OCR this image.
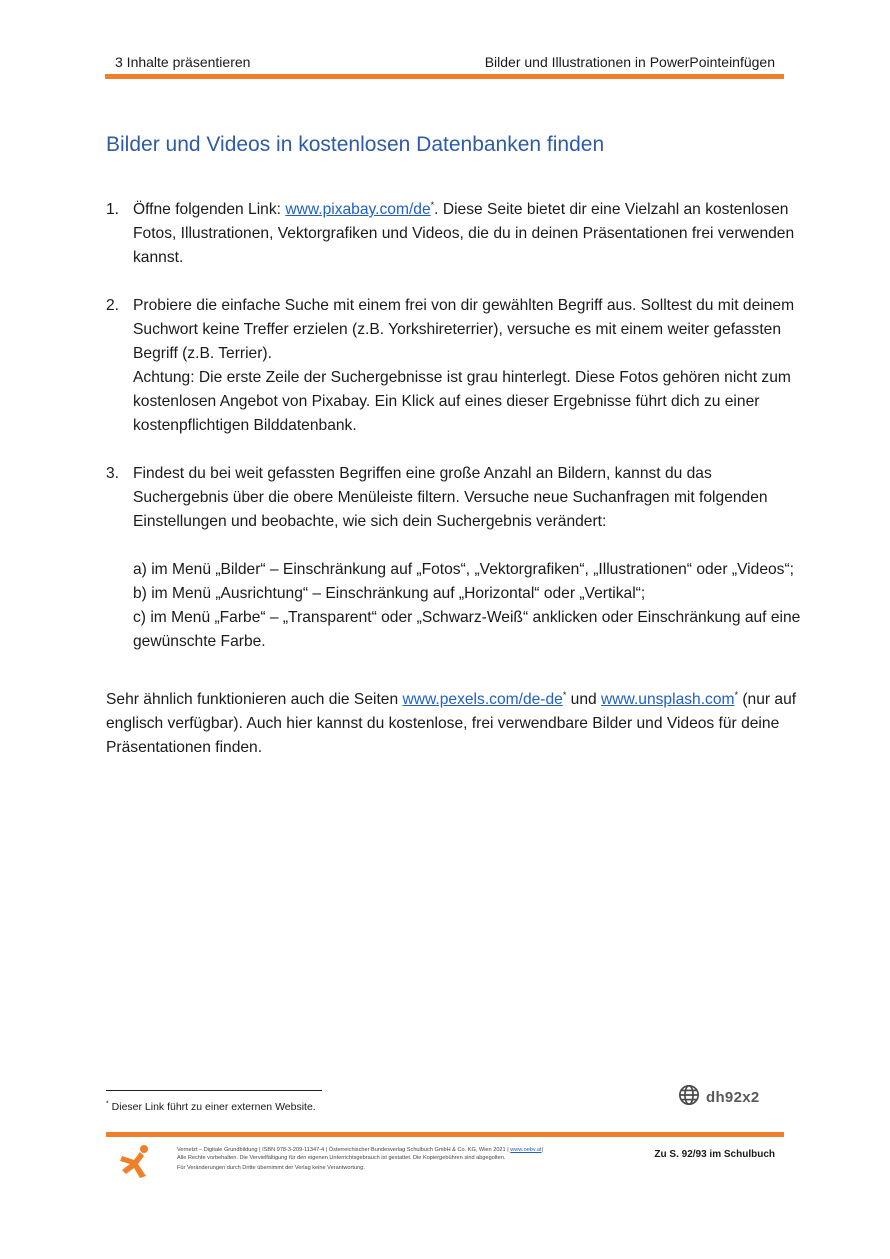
3 Inhalte präsentieren	Bilder und Illustrationen in PowerPointeinfügen
Bilder und Videos in kostenlosen Datenbanken finden
1. Öffne folgenden Link: www.pixabay.com/de*. Diese Seite bietet dir eine Vielzahl an kostenlosen Fotos, Illustrationen, Vektorgrafiken und Videos, die du in deinen Präsentationen frei verwenden kannst.
2. Probiere die einfache Suche mit einem frei von dir gewählten Begriff aus. Solltest du mit deinem Suchwort keine Treffer erzielen (z.B. Yorkshireterrier), versuche es mit einem weiter gefassten Begriff (z.B. Terrier).
Achtung: Die erste Zeile der Suchergebnisse ist grau hinterlegt. Diese Fotos gehören nicht zum kostenlosen Angebot von Pixabay. Ein Klick auf eines dieser Ergebnisse führt dich zu einer kostenpflichtigen Bilddatenbank.
3. Findest du bei weit gefassten Begriffen eine große Anzahl an Bildern, kannst du das Suchergebnis über die obere Menüleiste filtern. Versuche neue Suchanfragen mit folgenden Einstellungen und beobachte, wie sich dein Suchergebnis verändert:
a) im Menü „Bilder“ – Einschränkung auf „Fotos“, „Vektorgrafiken“, „Illustrationen“ oder „Videos“;
b) im Menü „Ausrichtung“ – Einschränkung auf „Horizontal“ oder „Vertikal“;
c) im Menü „Farbe“ – „Transparent“ oder „Schwarz-Weiß“ anklicken oder Einschränkung auf eine gewünschte Farbe.

Sehr ähnlich funktionieren auch die Seiten www.pexels.com/de-de* und www.unsplash.com* (nur auf englisch verfügbar). Auch hier kannst du kostenlose, frei verwendbare Bilder und Videos für deine Präsentationen finden.

* Dieser Link führt zu einer externen Website.
dh92x2
Vernetzt – Digitale Grundbildung | ISBN 978-3-209-11347-4 | Österreichischer Bundesverlag Schulbuch GmbH & Co. KG, Wien 2021 | www.oebv.at|
Alle Rechte vorbehalten. Die Vervielfältigung für den eigenen Unterrichtsgebrauch ist gestattet. Die Kopiergebühren sind abgegolten.
Für Veränderungen durch Dritte übernimmt der Verlag keine Verantwortung.
Zu S. 92/93 im Schulbuch
